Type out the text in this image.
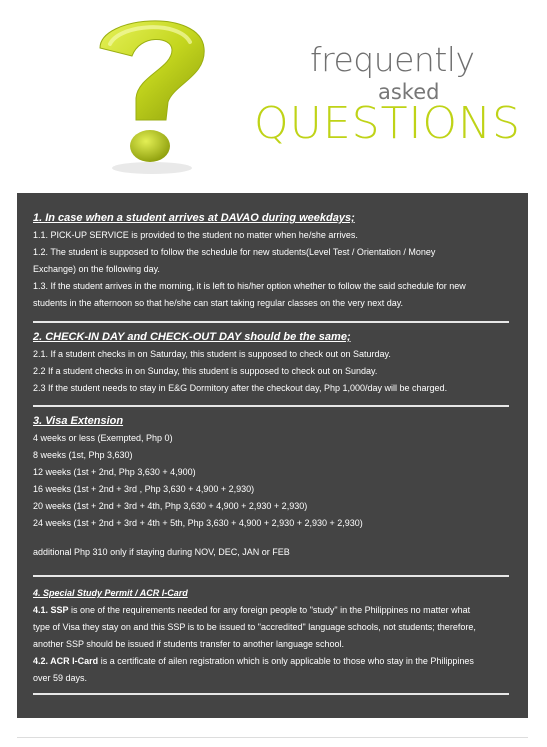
frequently
asked
QUESTIONS
1. In case when a student arrives at DAVAO during weekdays;
1.1. PICK-UP SERVICE is provided to the student no matter when he/she arrives.
1.2. The student is supposed to follow the schedule for new students(Level Test / Orientation / Money
Exchange) on the following day.
1.3. If the student arrives in the morning, it is left to his/her option whether to follow the said schedule for new
students in the afternoon so that he/she can start taking regular classes on the very next day.
2. CHECK-IN DAY and CHECK-OUT DAY should be the same;
2.1. If a student checks in on Saturday, this student is supposed to check out on Saturday.
2.2 If a student checks in on Sunday, this student is supposed to check out on Sunday.
2.3 If the student needs to stay in E&G Dormitory after the checkout day, Php 1,000/day will be charged.
3. Visa Extension
4 weeks or less (Exempted, Php 0)
8 weeks (1st, Php 3,630)
12 weeks (1st + 2nd, Php 3,630 + 4,900)
16 weeks (1st + 2nd + 3rd , Php 3,630 + 4,900 + 2,930)
20 weeks (1st + 2nd + 3rd + 4th, Php 3,630 + 4,900 + 2,930 + 2,930)
24 weeks (1st + 2nd + 3rd + 4th + 5th, Php 3,630 + 4,900 + 2,930 + 2,930 + 2,930)
additional Php 310 only if staying during NOV, DEC, JAN or FEB
4. Special Study Permit / ACR I-Card
4.1. SSP is one of the requirements needed for any foreign people to "study" in the Philippines no matter what
type of Visa they stay on and this SSP is to be issued to "accredited" language schools, not students; therefore,
another SSP should be issued if students transfer to another language school.
4.2. ACR I-Card is a certificate of ailen registration which is only applicable to those who stay in the Philippines
over 59 days.
